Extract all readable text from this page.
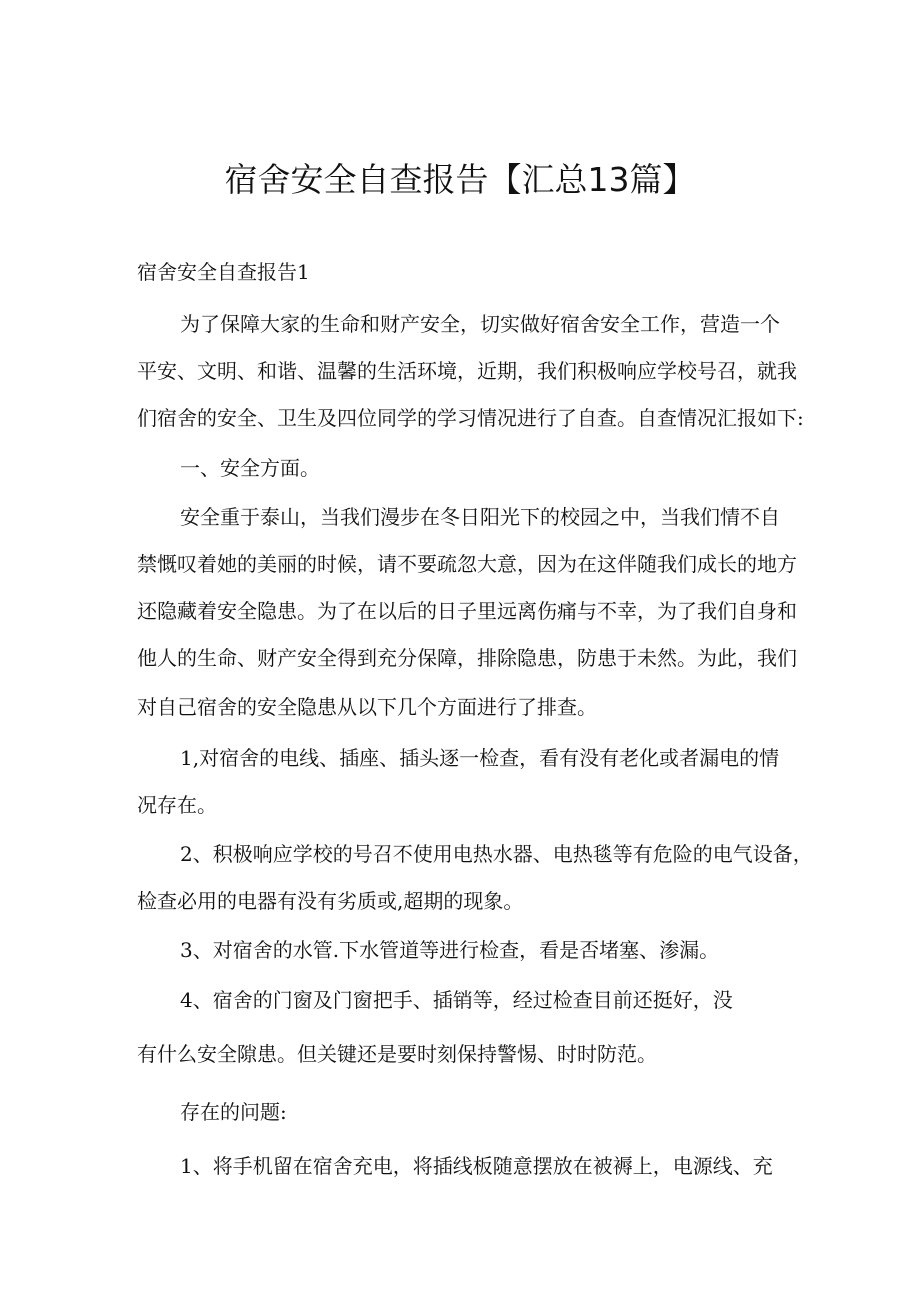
宿舍安全自查报告【汇总13篇】

宿舍安全自查报告1

为了保障大家的生命和财产安全，切实做好宿舍安全工作，营造一个

平安、文明、和谐、温馨的生活环境，近期，我们积极响应学校号召，就我

们宿舍的安全、卫生及四位同学的学习情况进行了自查。自查情况汇报如下:

一、安全方面。

安全重于泰山，当我们漫步在冬日阳光下的校园之中，当我们情不自

禁慨叹着她的美丽的时候，请不要疏忽大意，因为在这伴随我们成长的地方

还隐藏着安全隐患。为了在以后的日子里远离伤痛与不幸，为了我们自身和

他人的生命、财产安全得到充分保障，排除隐患，防患于未然。为此，我们

对自己宿舍的安全隐患从以下几个方面进行了排查。

1,对宿舍的电线、插座、插头逐一检查，看有没有老化或者漏电的情

况存在。

2、积极响应学校的号召不使用电热水器、电热毯等有危险的电气设备，

检查必用的电器有没有劣质或,超期的现象。

3、对宿舍的水管.下水管道等进行检查，看是否堵塞、渗漏。

4、宿舍的门窗及门窗把手、插销等，经过检查目前还挺好，没

有什么安全隙患。但关键还是要时刻保持警惕、时时防范。

存在的问题:

1、将手机留在宿舍充电，将插线板随意摆放在被褥上，电源线、充
